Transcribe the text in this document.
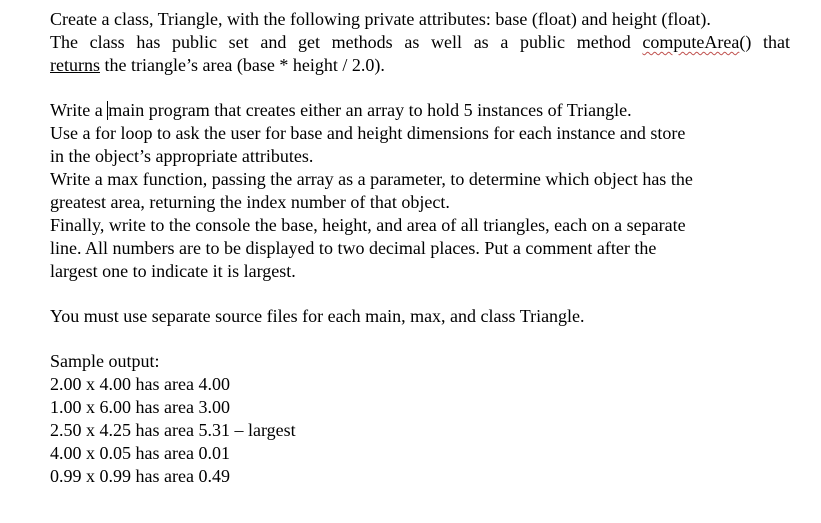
Create a class, Triangle, with the following private attributes: base (float) and height (float).
The class has public set and get methods as well as a public method computeArea() that
returns the triangle’s area (base * height / 2.0).
Write a main program that creates either an array to hold 5 instances of Triangle.
Use a for loop to ask the user for base and height dimensions for each instance and store
in the object’s appropriate attributes.
Write a max function, passing the array as a parameter, to determine which object has the
greatest area, returning the index number of that object.
Finally, write to the console the base, height, and area of all triangles, each on a separate
line. All numbers are to be displayed to two decimal places. Put a comment after the
largest one to indicate it is largest.
You must use separate source files for each main, max, and class Triangle.
Sample output:
2.00 x 4.00 has area 4.00
1.00 x 6.00 has area 3.00
2.50 x 4.25 has area 5.31 – largest
4.00 x 0.05 has area 0.01
0.99 x 0.99 has area 0.49
